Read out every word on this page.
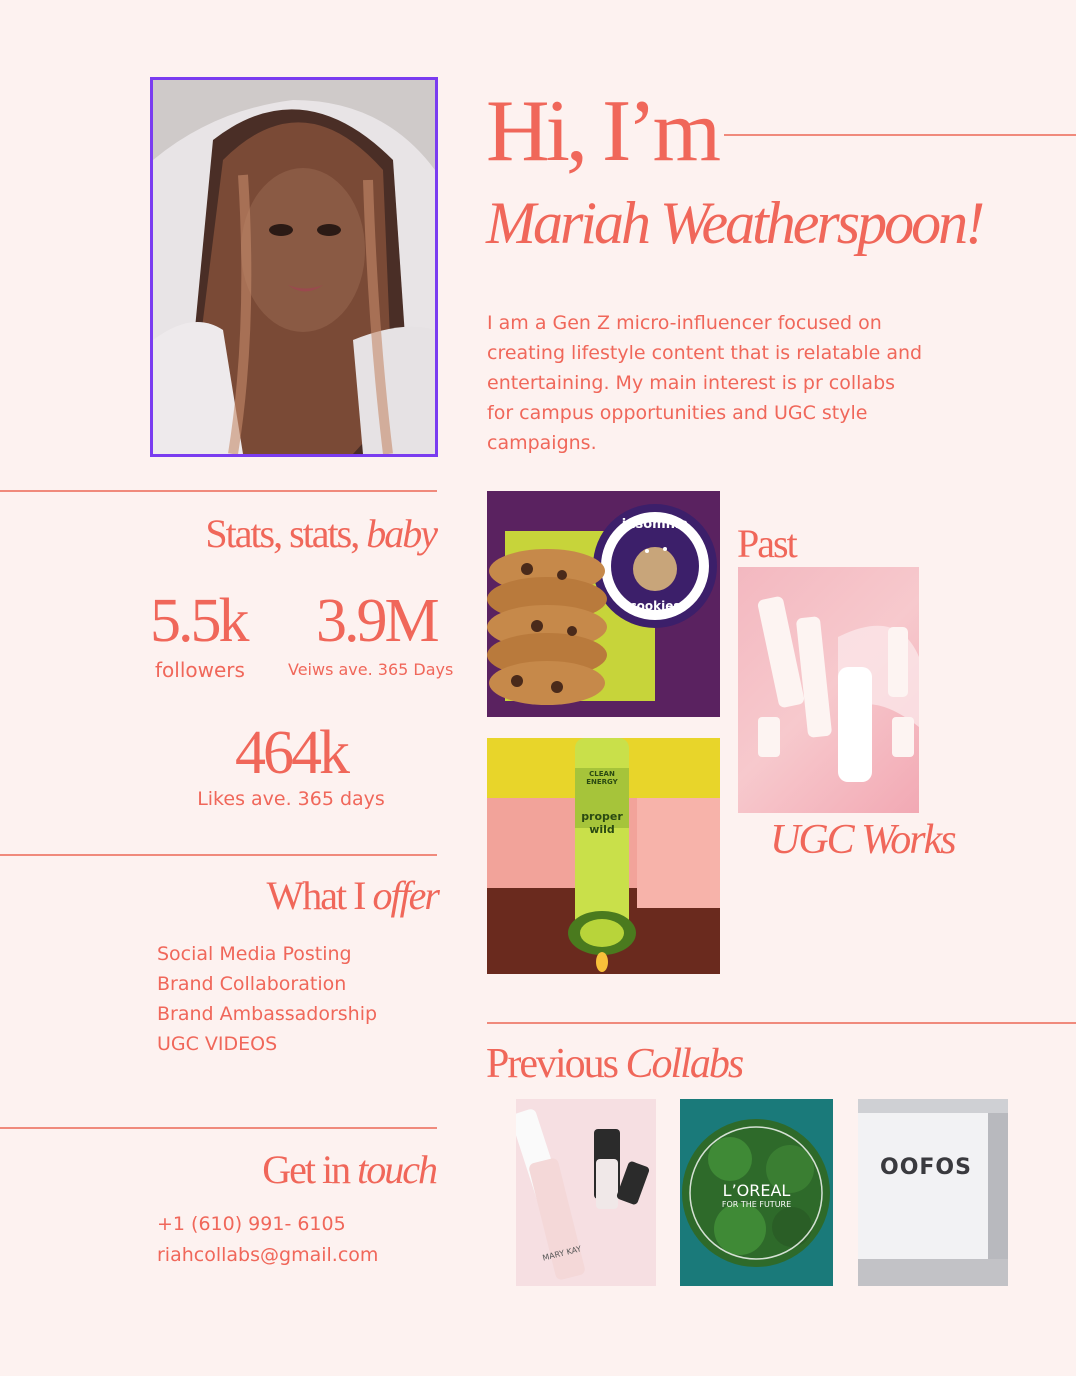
Hi, I’m
Mariah Weatherspoon!
I am a Gen Z micro-influencer focused on creating lifestyle content that is relatable and entertaining. My main interest is pr collabs for campus opportunities and UGC style campaigns.
Stats, stats, baby
5.5k
followers
3.9M
Veiws ave. 365 Days
464k
Likes ave. 365 days
What I offer
Social Media Posting
Brand Collaboration
Brand Ambassadorship
UGC VIDEOS
Get in touch
+1 (610) 991- 6105
riahcollabs@gmail.com
insomnia
cookies
Past
CLEAN ENERGY
proper wild	UGC Works
Previous Collabs
MARY KAY
L’OREAL
FOR THE FUTURE
OOFOS
